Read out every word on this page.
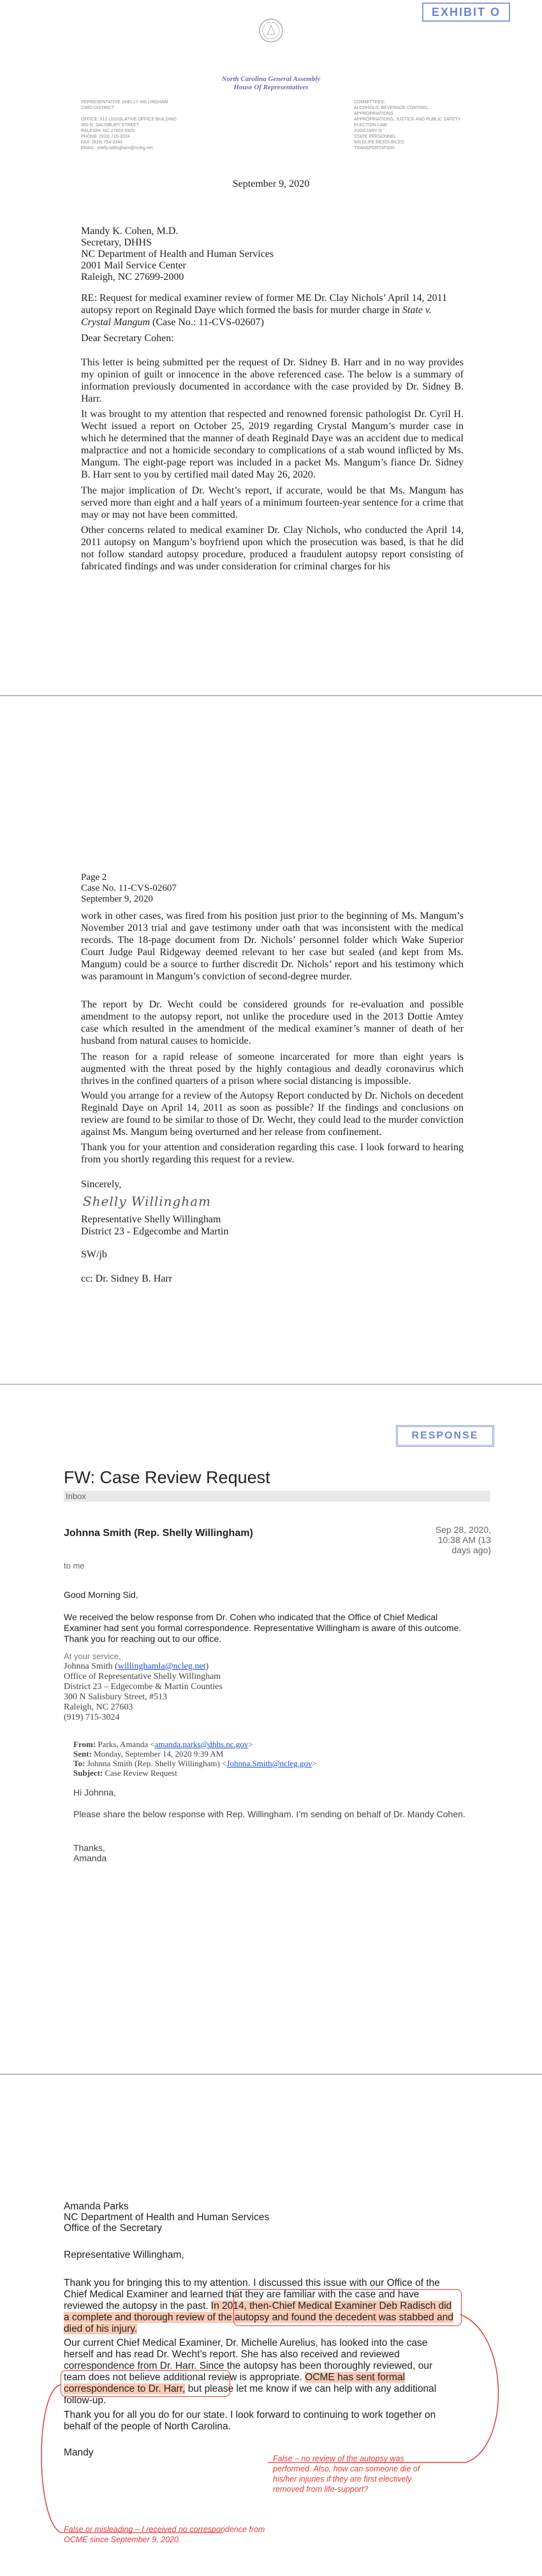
EXHIBIT O
North Carolina General Assembly
House Of Representatives
REPRESENTATIVE SHELLY WILLINGHAM
23RD DISTRICT
OFFICE: 512 LEGISLATIVE OFFICE BUILDING
300 N. SALISBURY STREET
RALEIGH, NC 27603-5925
PHONE: (919) 715-3024
FAX: (919) 754-3344
EMAIL: shelly.willingham@ncleg.net
COMMITTEES:
ALCOHOLIC BEVERAGE CONTROL
APPROPRIATIONS
APPROPRIATIONS, JUSTICE AND PUBLIC SAFETY
ELECTION LAW
JUDICIARY III
STATE PERSONNEL
WILDLIFE RESOURCES
TRANSPORTATION
September 9, 2020
Mandy K. Cohen, M.D.
Secretary, DHHS
NC Department of Health and Human Services
2001 Mail Service Center
Raleigh, NC 27699-2000
RE: Request for medical examiner review of former ME Dr. Clay Nichols’ April 14, 2011 autopsy report on Reginald Daye which formed the basis for murder charge in State v. Crystal Mangum (Case No.: 11-CVS-02607)
Dear Secretary Cohen:
This letter is being submitted per the request of Dr. Sidney B. Harr and in no way provides my opinion of guilt or innocence in the above referenced case. The below is a summary of information previously documented in accordance with the case provided by Dr. Sidney B. Harr.
It was brought to my attention that respected and renowned forensic pathologist Dr. Cyril H. Wecht issued a report on October 25, 2019 regarding Crystal Mangum’s murder case in which he determined that the manner of death Reginald Daye was an accident due to medical malpractice and not a homicide secondary to complications of a stab wound inflicted by Ms. Mangum. The eight-page report was included in a packet Ms. Mangum’s fiance Dr. Sidney B. Harr sent to you by certified mail dated May 26, 2020.
The major implication of Dr. Wecht’s report, if accurate, would be that Ms. Mangum has served more than eight and a half years of a minimum fourteen-year sentence for a crime that may or may not have been committed.
Other concerns related to medical examiner Dr. Clay Nichols, who conducted the April 14, 2011 autopsy on Mangum’s boyfriend upon which the prosecution was based, is that he did not follow standard autopsy procedure, produced a fraudulent autopsy report consisting of fabricated findings and was under consideration for criminal charges for his
Page 2
Case No. 11-CVS-02607
September 9, 2020
work in other cases, was fired from his position just prior to the beginning of Ms. Mangum’s November 2013 trial and gave testimony under oath that was inconsistent with the medical records. The 18-page document from Dr. Nichols’ personnel folder which Wake Superior Court Judge Paul Ridgeway deemed relevant to her case but sealed (and kept from Ms. Mangum) could be a source to further discredit Dr. Nichols’ report and his testimony which was paramount in Mangum’s conviction of second-degree murder.
The report by Dr. Wecht could be considered grounds for re-evaluation and possible amendment to the autopsy report, not unlike the procedure used in the 2013 Dottie Amtey case which resulted in the amendment of the medical examiner’s manner of death of her husband from natural causes to homicide.
The reason for a rapid release of someone incarcerated for more than eight years is augmented with the threat posed by the highly contagious and deadly coronavirus which thrives in the confined quarters of a prison where social distancing is impossible.
Would you arrange for a review of the Autopsy Report conducted by Dr. Nichols on decedent Reginald Daye on April 14, 2011 as soon as possible? If the findings and conclusions on review are found to be similar to those of Dr. Wecht, they could lead to the murder conviction against Ms. Mangum being overturned and her release from confinement.
Thank you for your attention and consideration regarding this case. I look forward to hearing from you shortly regarding this request for a review.
Sincerely,
Shelly Willingham
Representative Shelly Willingham
District 23 - Edgecombe and Martin
SW/jb
cc: Dr. Sidney B. Harr
RESPONSE
FW: Case Review Request
Inbox
Johnna Smith (Rep. Shelly Willingham)	Sep 28, 2020,
10:38 AM (13
days ago)
to me
Good Morning Sid,
We received the below response from Dr. Cohen who indicated that the Office of Chief Medical Examiner had sent you formal correspondence. Representative Willingham is aware of this outcome. Thank you for reaching out to our office.
At your service,
Johnna Smith (willinghamla@ncleg.net)
Office of Representative Shelly Willingham
District 23 – Edgecombe & Martin Counties
300 N Salisbury Street, #513
Raleigh, NC 27603
(919) 715-3024
From: Parks, Amanda <amanda.parks@dhhs.nc.gov>
Sent: Monday, September 14, 2020 9:39 AM
To: Johnna Smith (Rep. Shelly Willingham) <Johnna.Smith@ncleg.gov>
Subject: Case Review Request
Hi Johnna,
Please share the below response with Rep. Willingham. I’m sending on behalf of Dr. Mandy Cohen.
Thanks,
Amanda
Amanda Parks
NC Department of Health and Human Services
Office of the Secretary
Representative Willingham,
Thank you for bringing this to my attention. I discussed this issue with our Office of the Chief Medical Examiner and learned that they are familiar with the case and have reviewed the autopsy in the past. In 2014, then-Chief Medical Examiner Deb Radisch did a complete and thorough review of the autopsy and found the decedent was stabbed and died of his injury.
Our current Chief Medical Examiner, Dr. Michelle Aurelius, has looked into the case herself and has read Dr. Wecht’s report. She has also received and reviewed correspondence from Dr. Harr. Since the autopsy has been thoroughly reviewed, our team does not believe additional review is appropriate. OCME has sent formal correspondence to Dr. Harr, but please let me know if we can help with any additional follow-up.
Thank you for all you do for our state. I look forward to continuing to work together on behalf of the people of North Carolina.
Mandy
False – no review of the autopsy was performed. Also, how can someone die of his/her injuries if they are first electively removed from life-support?
False or misleading – I received no correspondence from OCME since September 9, 2020.
